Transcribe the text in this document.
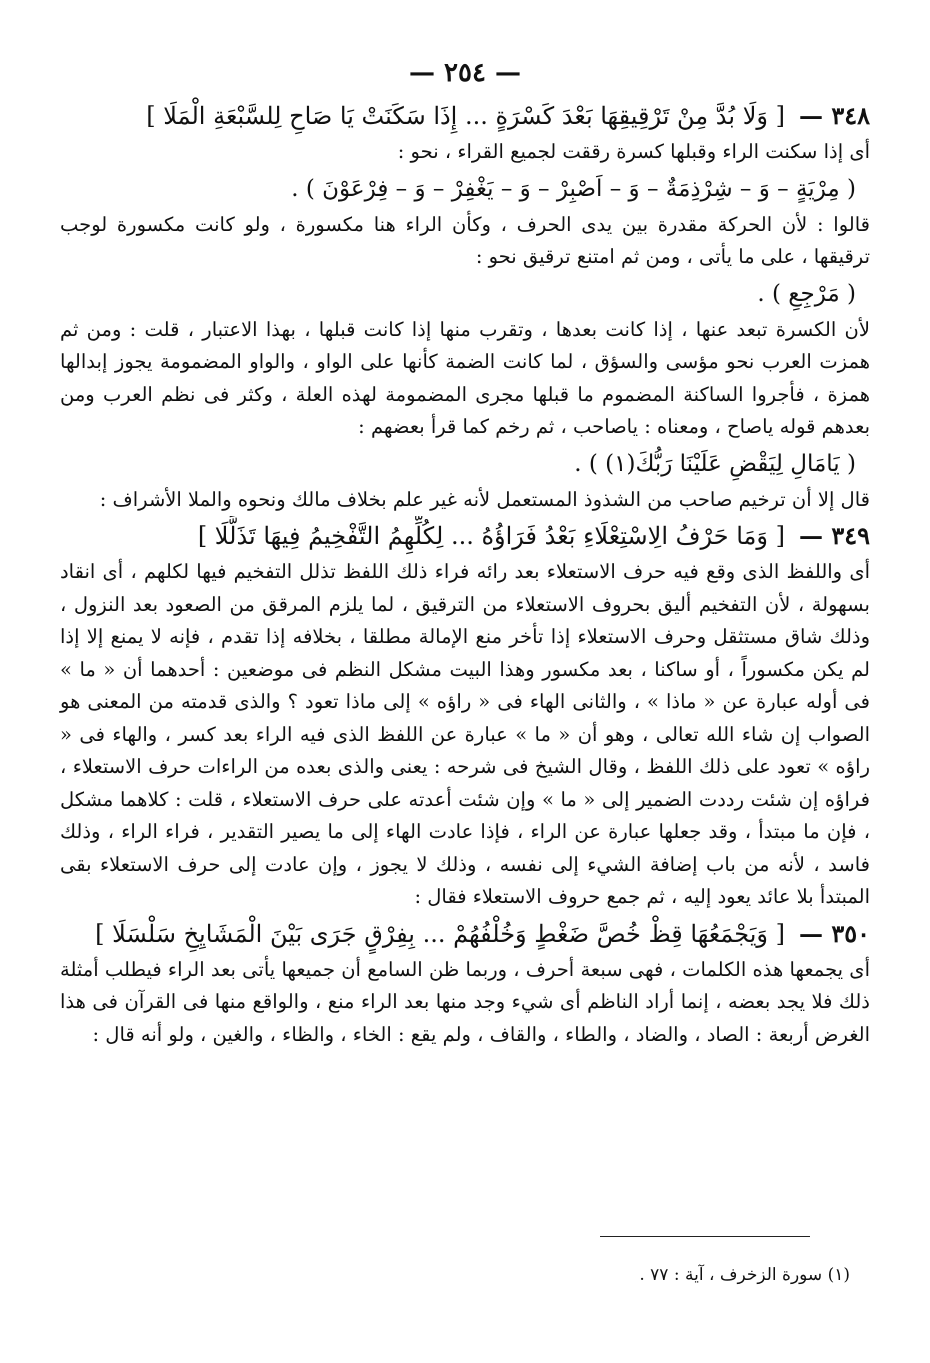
— ٢٥٤ —
٣٤٨ —
[ وَلَا بُدَّ مِنْ تَرْقِيقِهَا بَعْدَ كَسْرَةٍ ... إِذَا سَكَنَتْ يَا صَاحِ لِلسَّبْعَةِ الْمَلَا ]

أى إذا سكنت الراء وقبلها كسرة رققت لجميع القراء ، نحو :

( مِرْيَةٍ – وَ – شِرْذِمَةٌ – وَ – اَصْبِرْ – وَ – يَغْفِرْ – وَ – فِرْعَوْنَ ) .

قالوا : لأن الحركة مقدرة بين يدى الحرف ، وكأن الراء هنا مكسورة ، ولو كانت مكسورة لوجب ترقيقها ، على ما يأتى ، ومن ثم امتنع ترقيق نحو :

( مَرْجِعِ ) .

لأن الكسرة تبعد عنها ، إذا كانت بعدها ، وتقرب منها إذا كانت قبلها ، بهذا الاعتبار ، قلت : ومن ثم همزت العرب نحو مؤسى والسؤق ، لما كانت الضمة كأنها على الواو ، والواو المضمومة يجوز إبدالها همزة ، فأجروا الساكنة المضموم ما قبلها مجرى المضمومة لهذه العلة ، وكثر فى نظم العرب ومن بعدهم قوله ياصاح ، ومعناه : ياصاحب ، ثم رخم كما قرأ بعضهم :

( يَامَالِ لِيَقْضِ عَلَيْنَا رَبُّكَ(١) ) .

قال إلا أن ترخيم صاحب من الشذوذ المستعمل لأنه غير علم بخلاف مالك ونحوه والملا الأشراف :

٣٤٩ —
[ وَمَا حَرْفُ الِاسْتِعْلَاءِ بَعْدُ فَرَاؤُهُ ... لِكُلِّهِمُ التَّفْخِيمُ فِيهَا تَذَلَّلَا ]

أى واللفظ الذى وقع فيه حرف الاستعلاء بعد رائه فراء ذلك اللفظ تذلل التفخيم فيها لكلهم ، أى انقاد بسهولة ، لأن التفخيم أليق بحروف الاستعلاء من الترقيق ، لما يلزم المرقق من الصعود بعد النزول ، وذلك شاق مستثقل وحرف الاستعلاء إذا تأخر منع الإمالة مطلقا ، بخلافه إذا تقدم ، فإنه لا يمنع إلا إذا لم يكن مكسوراً ، أو ساكنا ، بعد مكسور وهذا البيت مشكل النظم فى موضعين : أحدهما أن « ما » فى أوله عبارة عن « ماذا » ، والثانى الهاء فى « راؤه » إلى ماذا تعود ؟ والذى قدمته من المعنى هو الصواب إن شاء الله تعالى ، وهو أن « ما » عبارة عن اللفظ الذى فيه الراء بعد كسر ، والهاء فى « راؤه » تعود على ذلك اللفظ ، وقال الشيخ فى شرحه : يعنى والذى بعده من الراءات حرف الاستعلاء ، فراؤه إن شئت رددت الضمير إلى « ما » وإن شئت أعدته على حرف الاستعلاء ، قلت : كلاهما مشكل ، فإن ما مبتدأ ، وقد جعلها عبارة عن الراء ، فإذا عادت الهاء إلى ما يصير التقدير ، فراء الراء ، وذلك فاسد ، لأنه من باب إضافة الشيء إلى نفسه ، وذلك لا يجوز ، وإن عادت إلى حرف الاستعلاء بقى المبتدأ بلا عائد يعود إليه ، ثم جمع حروف الاستعلاء فقال :

٣٥٠ —
[ وَيَجْمَعُهَا قِظْ خُصَّ ضَغْطٍ وَخُلْفُهُمْ ... بِفِرْقٍ جَرَى بَيْنَ الْمَشَايِخِ سَلْسَلَا ]

أى يجمعها هذه الكلمات ، فهى سبعة أحرف ، وربما ظن السامع أن جميعها يأتى بعد الراء فيطلب أمثلة ذلك فلا يجد بعضه ، إنما أراد الناظم أى شيء وجد منها بعد الراء منع ، والواقع منها فى القرآن فى هذا الغرض أربعة : الصاد ، والضاد ، والطاء ، والقاف ، ولم يقع : الخاء ، والظاء ، والغين ، ولو أنه قال :

(١) سورة الزخرف ، آية : ٧٧ .
